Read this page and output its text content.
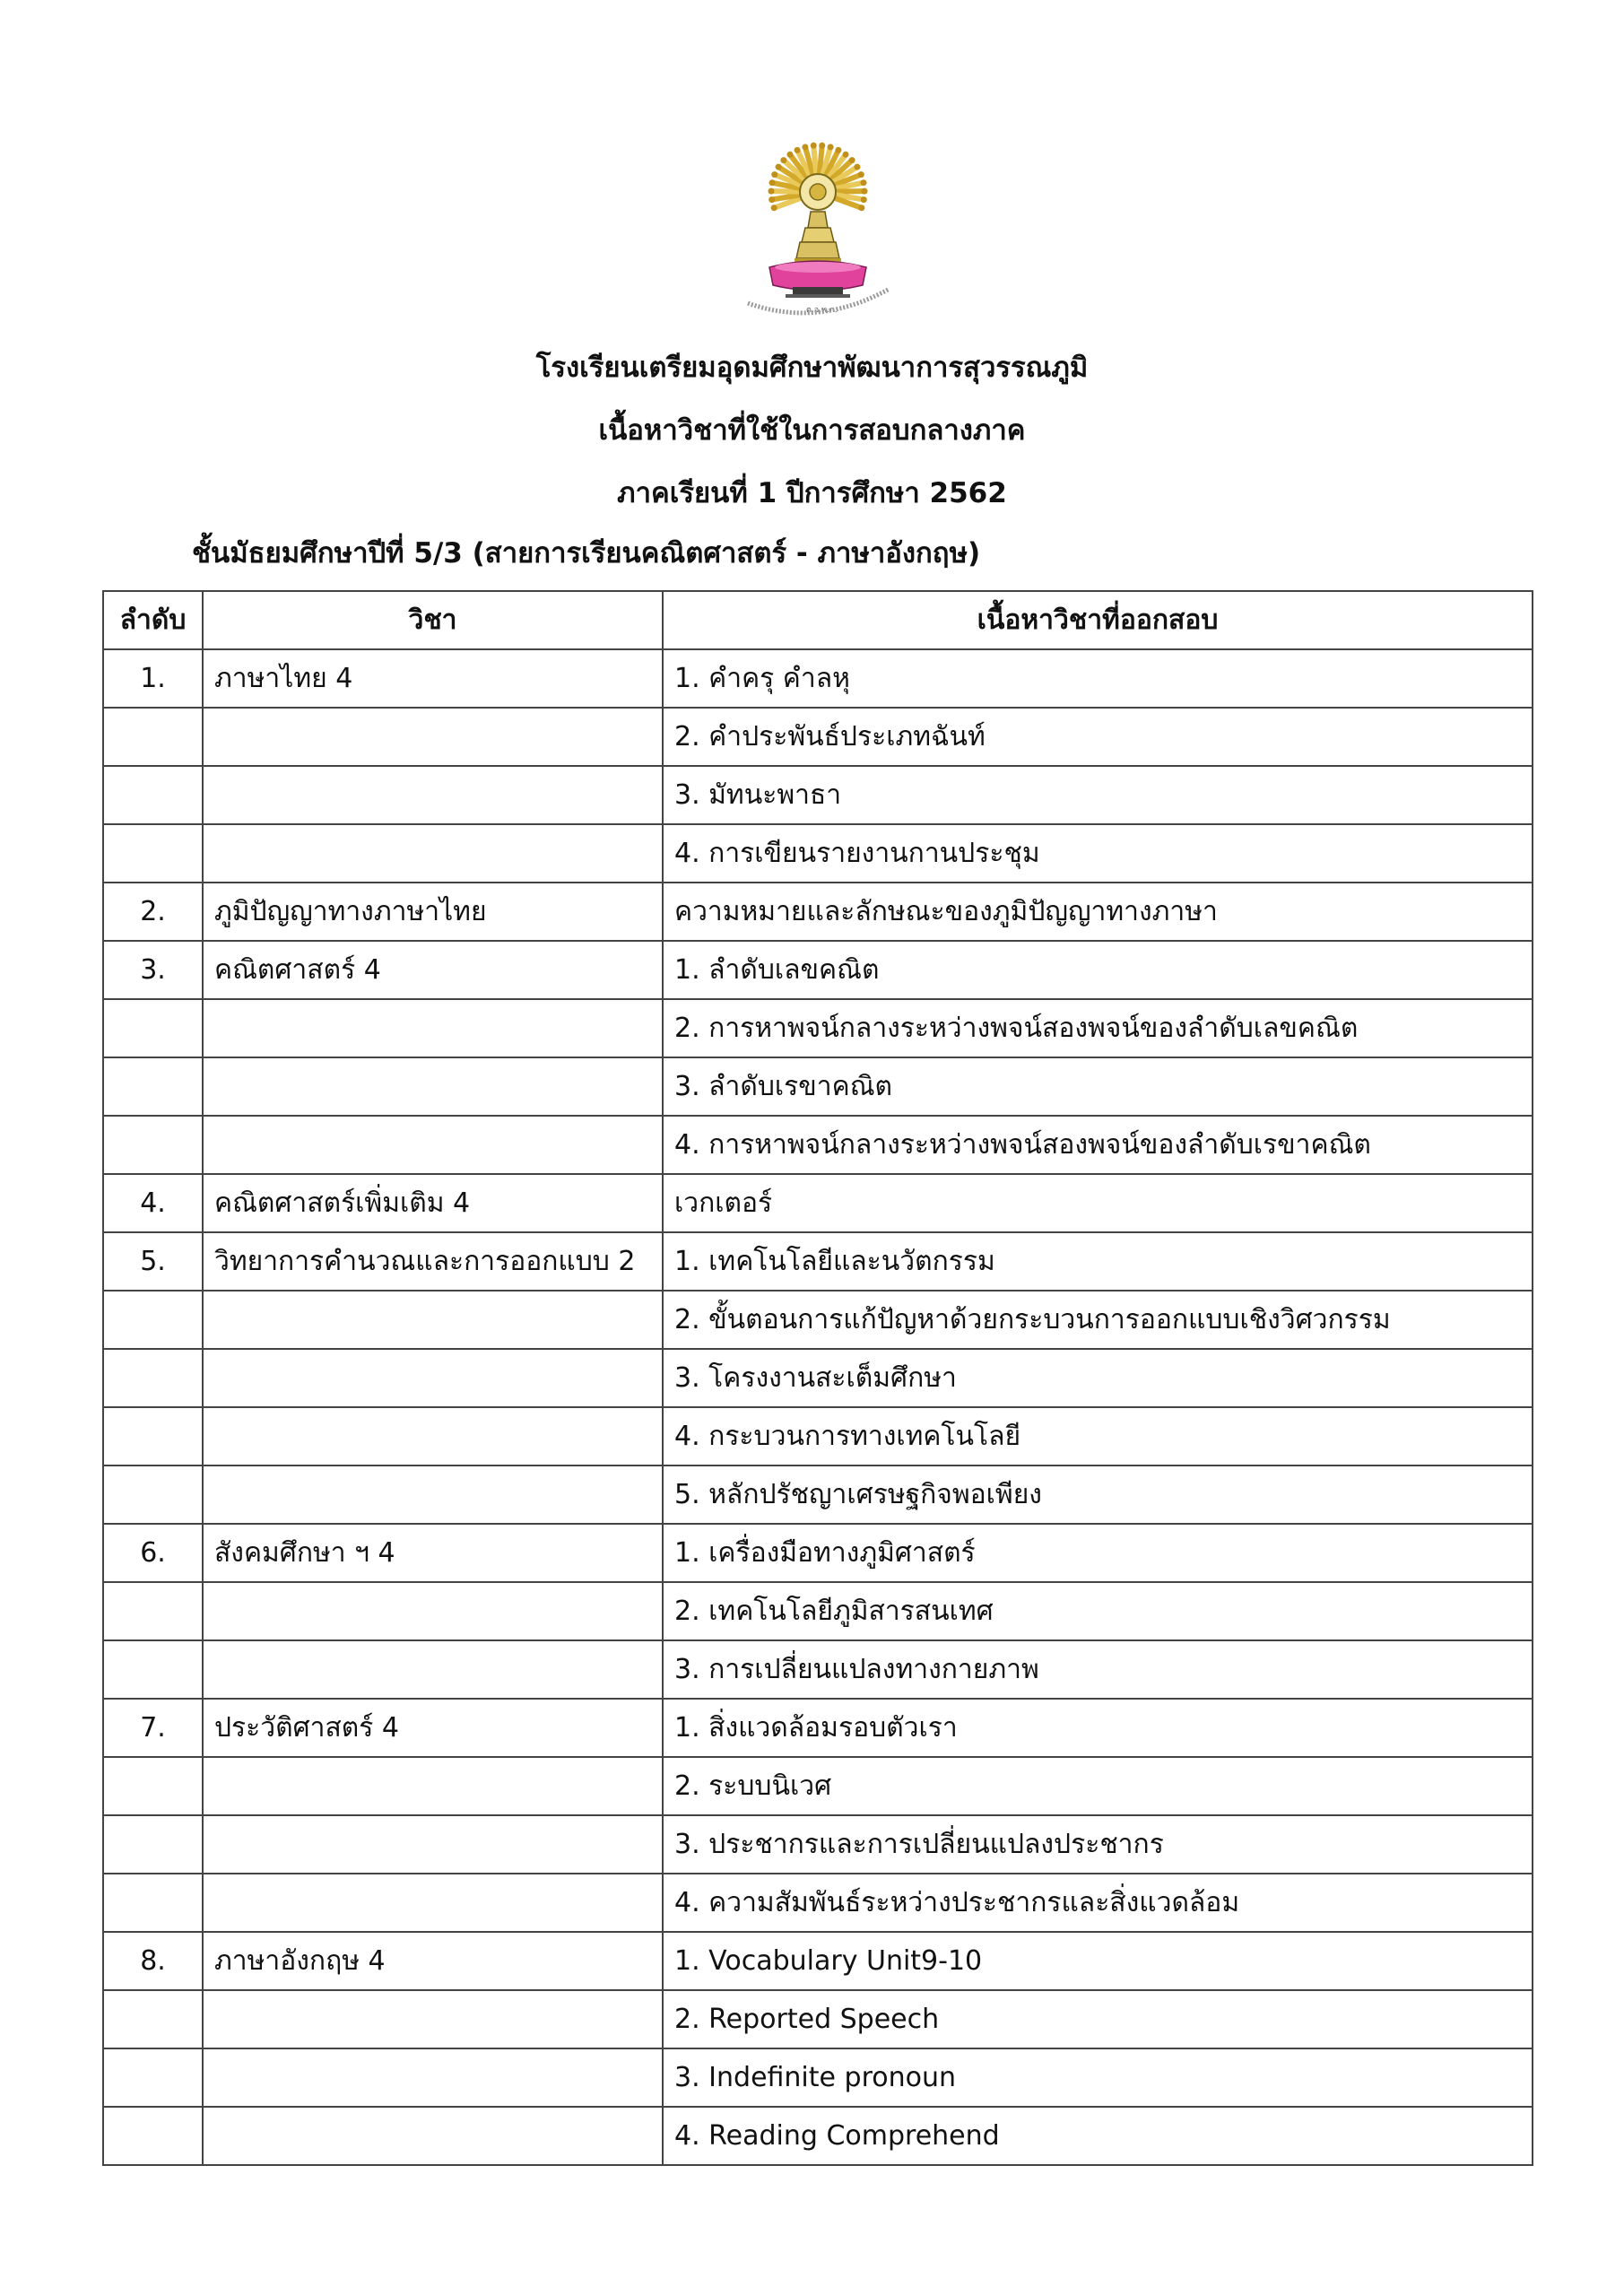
ต.อ.พ.ภ.
โรงเรียนเตรียมอุดมศึกษาพัฒนาการสุวรรณภูมิ
เนื้อหาวิชาที่ใช้ในการสอบกลางภาค
ภาคเรียนที่ 1 ปีการศึกษา 2562
ชั้นมัธยมศึกษาปีที่ 5/3 (สายการเรียนคณิตศาสตร์ - ภาษาอังกฤษ)
ลำดับ	วิชา	เนื้อหาวิชาที่ออกสอบ
1.	ภาษาไทย 4	1. คำครุ คำลหุ
		2. คำประพันธ์ประเภทฉันท์
		3. มัทนะพาธา
		4. การเขียนรายงานกานประชุม
2.	ภูมิปัญญาทางภาษาไทย	ความหมายและลักษณะของภูมิปัญญาทางภาษา
3.	คณิตศาสตร์ 4	1. ลำดับเลขคณิต
		2. การหาพจน์กลางระหว่างพจน์สองพจน์ของลำดับเลขคณิต
		3. ลำดับเรขาคณิต
		4. การหาพจน์กลางระหว่างพจน์สองพจน์ของลำดับเรขาคณิต
4.	คณิตศาสตร์เพิ่มเติม 4	เวกเตอร์
5.	วิทยาการคำนวณและการออกแบบ 2	1. เทคโนโลยีและนวัตกรรม
		2. ขั้นตอนการแก้ปัญหาด้วยกระบวนการออกแบบเชิงวิศวกรรม
		3. โครงงานสะเต็มศึกษา
		4. กระบวนการทางเทคโนโลยี
		5. หลักปรัชญาเศรษฐกิจพอเพียง
6.	สังคมศึกษา ฯ 4	1. เครื่องมือทางภูมิศาสตร์
		2. เทคโนโลยีภูมิสารสนเทศ
		3. การเปลี่ยนแปลงทางกายภาพ
7.	ประวัติศาสตร์ 4	1. สิ่งแวดล้อมรอบตัวเรา
		2. ระบบนิเวศ
		3. ประชากรและการเปลี่ยนแปลงประชากร
		4. ความสัมพันธ์ระหว่างประชากรและสิ่งแวดล้อม
8.	ภาษาอังกฤษ 4	1. Vocabulary Unit9-10
		2. Reported Speech
		3. Indefinite pronoun
		4. Reading Comprehend
